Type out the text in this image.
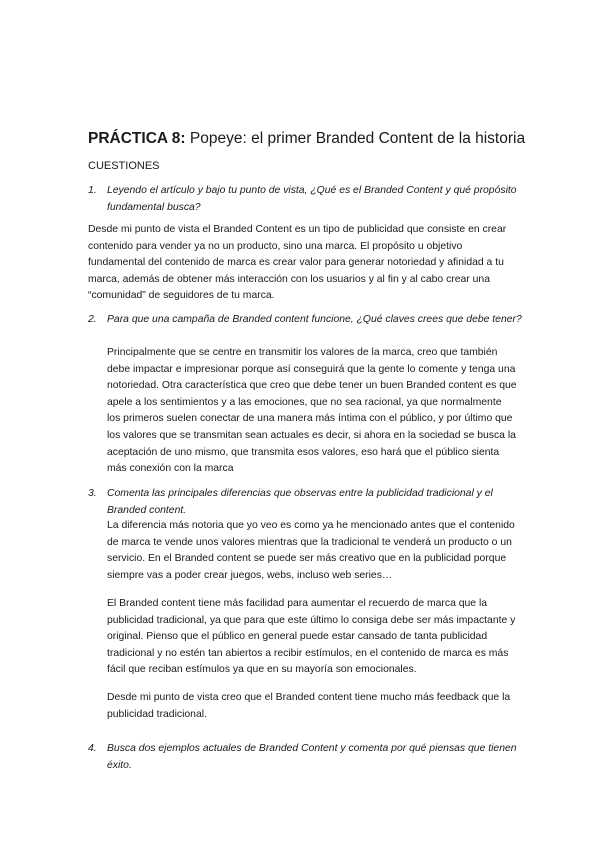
PRÁCTICA 8: Popeye: el primer Branded Content de la historia
CUESTIONES
1. Leyendo el artículo y bajo tu punto de vista, ¿Qué es el Branded Content y qué propósito fundamental busca?

Desde mi punto de vista el Branded Content es un tipo de publicidad que consiste en crear contenido para vender ya no un producto, sino una marca. El propósito u objetivo fundamental del contenido de marca es crear valor para generar notoriedad y afinidad a tu marca, además de obtener más interacción con los usuarios y al fin y al cabo crear una “comunidad” de seguidores de tu marca.

2. Para que una campaña de Branded content funcione, ¿Qué claves crees que debe tener?

Principalmente que se centre en transmitir los valores de la marca, creo que también debe impactar e impresionar porque así conseguirá que la gente lo comente y tenga una notoriedad. Otra característica que creo que debe tener un buen Branded content es que apele a los sentimientos y a las emociones, que no sea racional, ya que normalmente los primeros suelen conectar de una manera más íntima con el público, y por último que los valores que se transmitan sean actuales es decir, si ahora en la sociedad se busca la aceptación de uno mismo, que transmita esos valores, eso hará que el público sienta más conexión con la marca

3. Comenta las principales diferencias que observas entre la publicidad tradicional y el Branded content.

La diferencia más notoria que yo veo es como ya he mencionado antes que el contenido de marca te vende unos valores mientras que la tradicional te venderá un producto o un servicio. En el Branded content se puede ser más creativo que en la publicidad porque siempre vas a poder crear juegos, webs, incluso web series…

El Branded content tiene más facilidad para aumentar el recuerdo de marca que la publicidad tradicional, ya que para que este último lo consiga debe ser más impactante y original. Pienso que el público en general puede estar cansado de tanta publicidad tradicional y no estén tan abiertos a recibir estímulos, en el contenido de marca es más fácil que reciban estímulos ya que en su mayoría son emocionales.

Desde mi punto de vista creo que el Branded content tiene mucho más feedback que la publicidad tradicional.

4. Busca dos ejemplos actuales de Branded Content y comenta por qué piensas que tienen éxito.
